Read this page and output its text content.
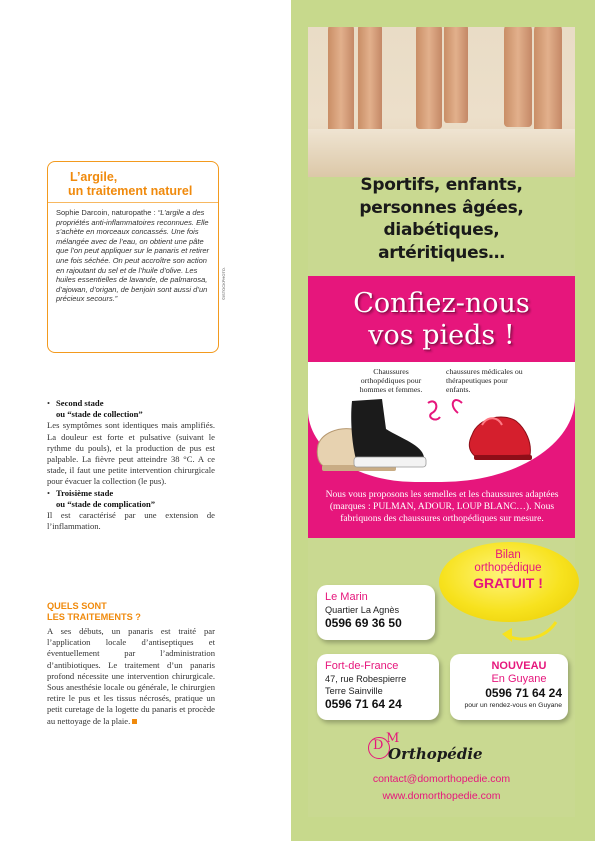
L’argile,
un traitement naturel

Sophie Darcoin, naturopathe : “L’argile a des propriétés anti-inflammatoires reconnues. Elle s’achète en morceaux concassés. Une fois mélangée avec de l’eau, on obtient une pâte que l’on peut appliquer sur le panaris et retirer une fois séchée. On peut accroître son action en rajoutant du sel et de l’huile d’olive. Les huiles essentielles de lavande, de palmarosa, d’ajowan, d’origan, de benjoin sont aussi d’un précieux secours.”	©ISTOCKPHOTO.
• Second stade
ou “stade de collection”
Les symptômes sont identiques mais amplifiés. La douleur est forte et pulsative (suivant le rythme du pouls), et la production de pus est palpable. La fièvre peut atteindre 38 °C. A ce stade, il faut une petite intervention chirurgicale pour évacuer la collection (le pus).
• Troisième stade
ou “stade de complication”
Il est caractérisé par une extension de l’inflammation.
QUELS SONT
LES TRAITEMENTS ?
A ses débuts, un panaris est traité par l’application locale d’antiseptiques et éventuellement par l’administration d’antibiotiques. Le traitement d’un panaris profond nécessite une intervention chirurgicale. Sous anesthésie locale ou générale, le chirurgien retire le pus et les tissus nécrosés, pratique un petit curetage de la logette du panaris et procède au nettoyage de la plaie.
Sportifs, enfants,
personnes âgées,
diabétiques,
artéritiques…
Confiez-nous
vos pieds !
Chaussures orthopédiques pour hommes et femmes.
chaussures médicales ou thérapeutiques pour enfants.
Nous vous proposons les semelles et les chaussures adaptées (marques : PULMAN, ADOUR, LOUP BLANC…). Nous fabriquons des chaussures orthopédiques sur mesure.
Bilan
orthopédique
GRATUIT !
Le Marin
Quartier La Agnès
0596 69 36 50
Fort-de-France
47, rue Robespierre
Terre Sainville
0596 71 64 24
NOUVEAU
En Guyane
0596 71 64 24
pour un rendez-vous en Guyane
D M
Orthopédie
contact@domorthopedie.com
www.domorthopedie.com
